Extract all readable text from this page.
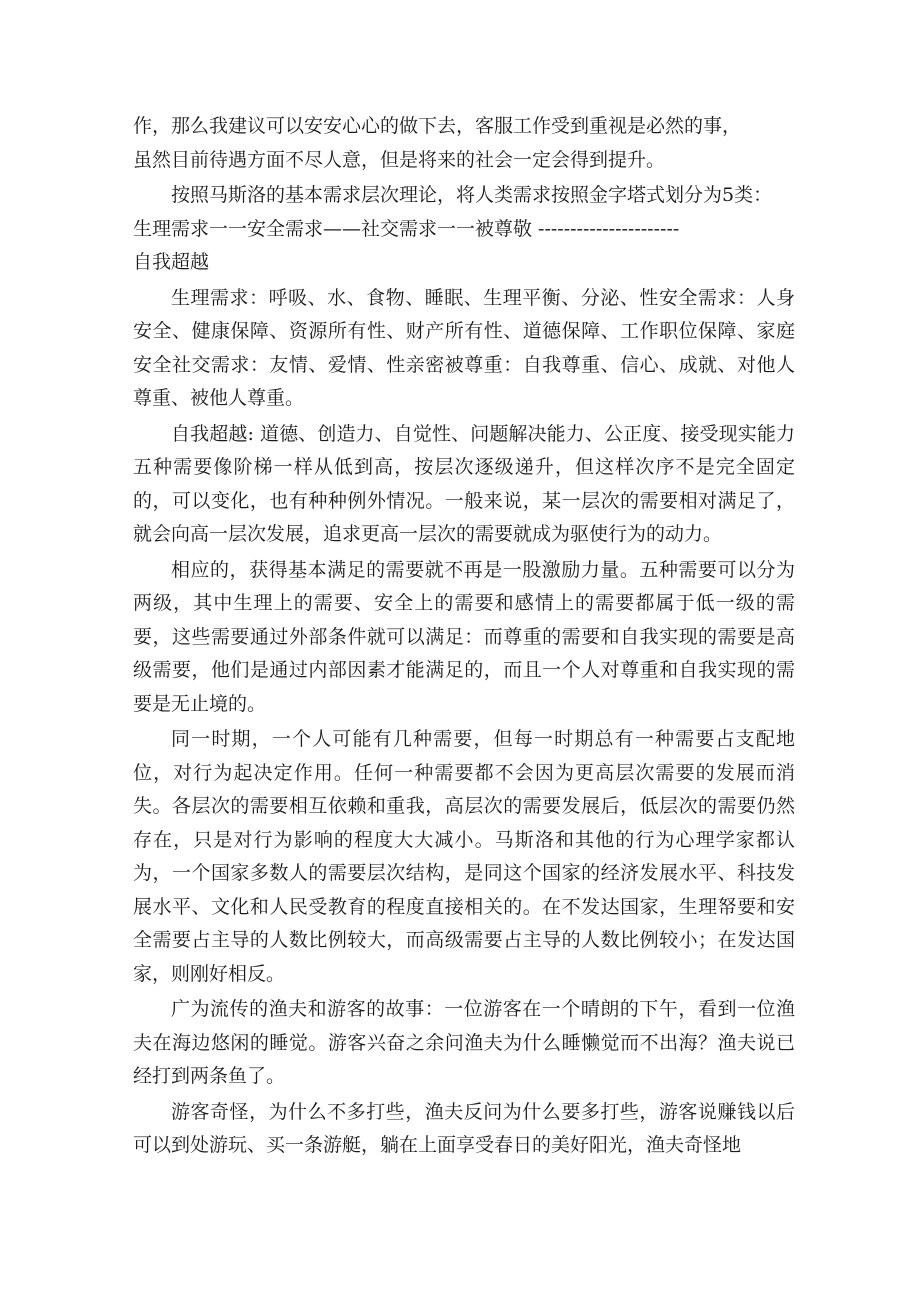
作，那么我建议可以安安心心的做下去，客服工作受到重视是必然的事，
虽然目前待遇方面不尽人意，但是将来的社会一定会得到提升。

按照马斯洛的基本需求层次理论，将人类需求按照金字塔式划分为5类：
生理需求一一安全需求——社交需求一一被尊敬 ----------------------
自我超越

生理需求：呼吸、水、食物、睡眠、生理平衡、分泌、性安全需求：人身安全、健康保障、资源所有性、财产所有性、道德保障、工作职位保障、家庭安全社交需求：友情、爱情、性亲密被尊重：自我尊重、信心、成就、对他人尊重、被他人尊重。

自我超越: 道德、创造力、自觉性、问题解决能力、公正度、接受现实能力五种需要像阶梯一样从低到高，按层次逐级递升，但这样次序不是完全固定的，可以变化，也有种种例外情况。一般来说，某一层次的需要相对满足了，就会向高一层次发展，追求更高一层次的需要就成为驱使行为的动力。

相应的，获得基本满足的需要就不再是一股激励力量。五种需要可以分为两级，其中生理上的需要、安全上的需要和感情上的需要都属于低一级的需要，这些需要通过外部条件就可以满足：而尊重的需要和自我实现的需要是高级需要，他们是通过内部因素才能满足的，而且一个人对尊重和自我实现的需要是无止境的。

同一时期，一个人可能有几种需要，但每一时期总有一种需要占支配地位，对行为起决定作用。任何一种需要都不会因为更高层次需要的发展而消失。各层次的需要相互依赖和重我，高层次的需要发展后，低层次的需要仍然存在，只是对行为影响的程度大大减小。马斯洛和其他的行为心理学家都认为，一个国家多数人的需要层次结构，是同这个国家的经济发展水平、科技发展水平、文化和人民受教育的程度直接相关的。在不发达国家，生理帑要和安全需要占主导的人数比例较大，而高级需要占主导的人数比例较小；在发达国家，则刚好相反。

广为流传的渔夫和游客的故事：一位游客在一个晴朗的下午，看到一位渔夫在海边悠闲的睡觉。游客兴奋之余问渔夫为什么睡懒觉而不出海？渔夫说已经打到两条鱼了。

游客奇怪，为什么不多打些，渔夫反问为什么要多打些，游客说赚钱以后可以到处游玩、买一条游艇，躺在上面享受春日的美好阳光，渔夫奇怪地
